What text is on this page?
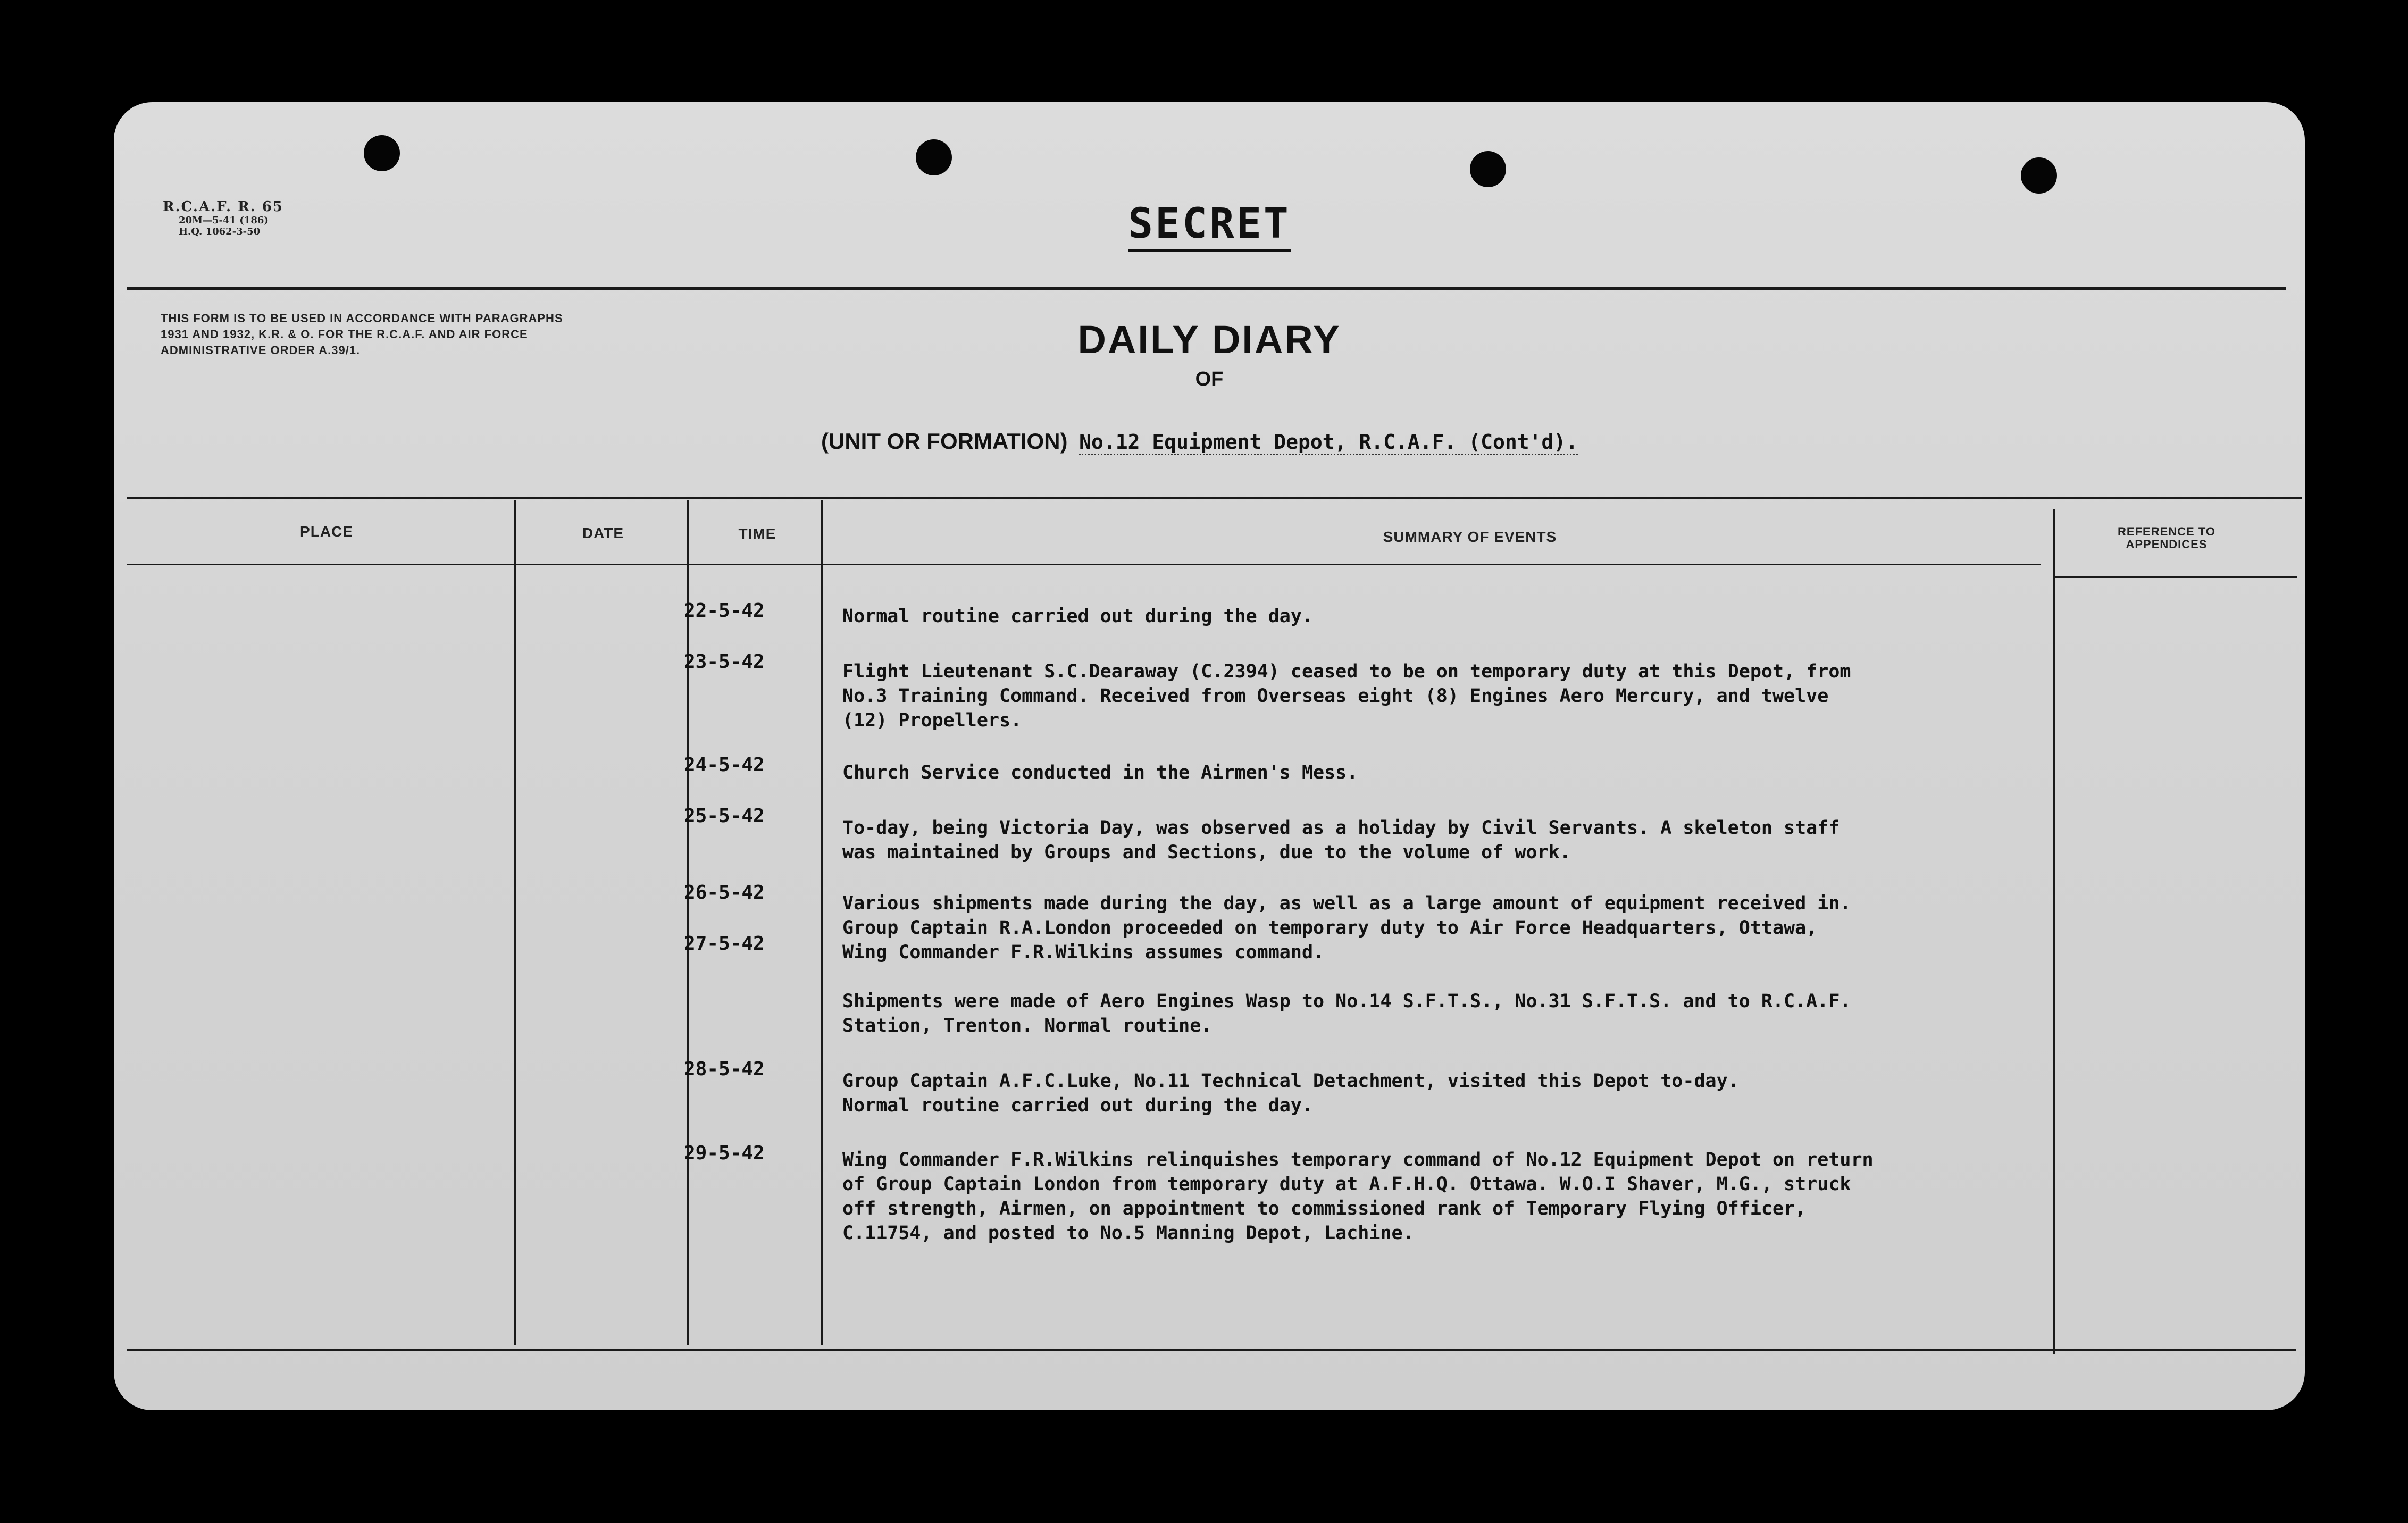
R.C.A.F. R. 65
20M—5-41 (186)
H.Q. 1062-3-50	SECRET
THIS FORM IS TO BE USED IN ACCORDANCE WITH PARAGRAPHS 1931 AND 1932, K.R. & O. FOR THE R.C.A.F. AND AIR FORCE ADMINISTRATIVE ORDER A.39/1.	DAILY DIARY
OF
(UNIT OR FORMATION) No.12 Equipment Depot, R.C.A.F. (Cont'd).
PLACE	DATE	TIME	SUMMARY OF EVENTS	REFERENCE TO APPENDICES
22-5-42	Normal routine carried out during the day.
23-5-42	Flight Lieutenant S.C.Dearaway (C.2394) ceased to be on temporary duty at this Depot, from
No.3 Training Command. Received from Overseas eight (8) Engines Aero Mercury, and twelve
(12) Propellers.
24-5-42	Church Service conducted in the Airmen's Mess.
25-5-42
To-day, being Victoria Day, was observed as a holiday by Civil Servants. A skeleton staff
was maintained by Groups and Sections, due to the volume of work.
26-5-42	Various shipments made during the day, as well as a large amount of equipment received in.
Group Captain R.A.London proceeded on temporary duty to Air Force Headquarters, Ottawa,
Wing Commander F.R.Wilkins assumes command.
27-5-42
Shipments were made of Aero Engines Wasp to No.14 S.F.T.S., No.31 S.F.T.S. and to R.C.A.F.
Station, Trenton. Normal routine.
28-5-42
Group Captain A.F.C.Luke, No.11 Technical Detachment, visited this Depot to-day.
Normal routine carried out during the day.
29-5-42	Wing Commander F.R.Wilkins relinquishes temporary command of No.12 Equipment Depot on return
of Group Captain London from temporary duty at A.F.H.Q. Ottawa. W.O.I Shaver, M.G., struck
off strength, Airmen, on appointment to commissioned rank of Temporary Flying Officer,
C.11754, and posted to No.5 Manning Depot, Lachine.
